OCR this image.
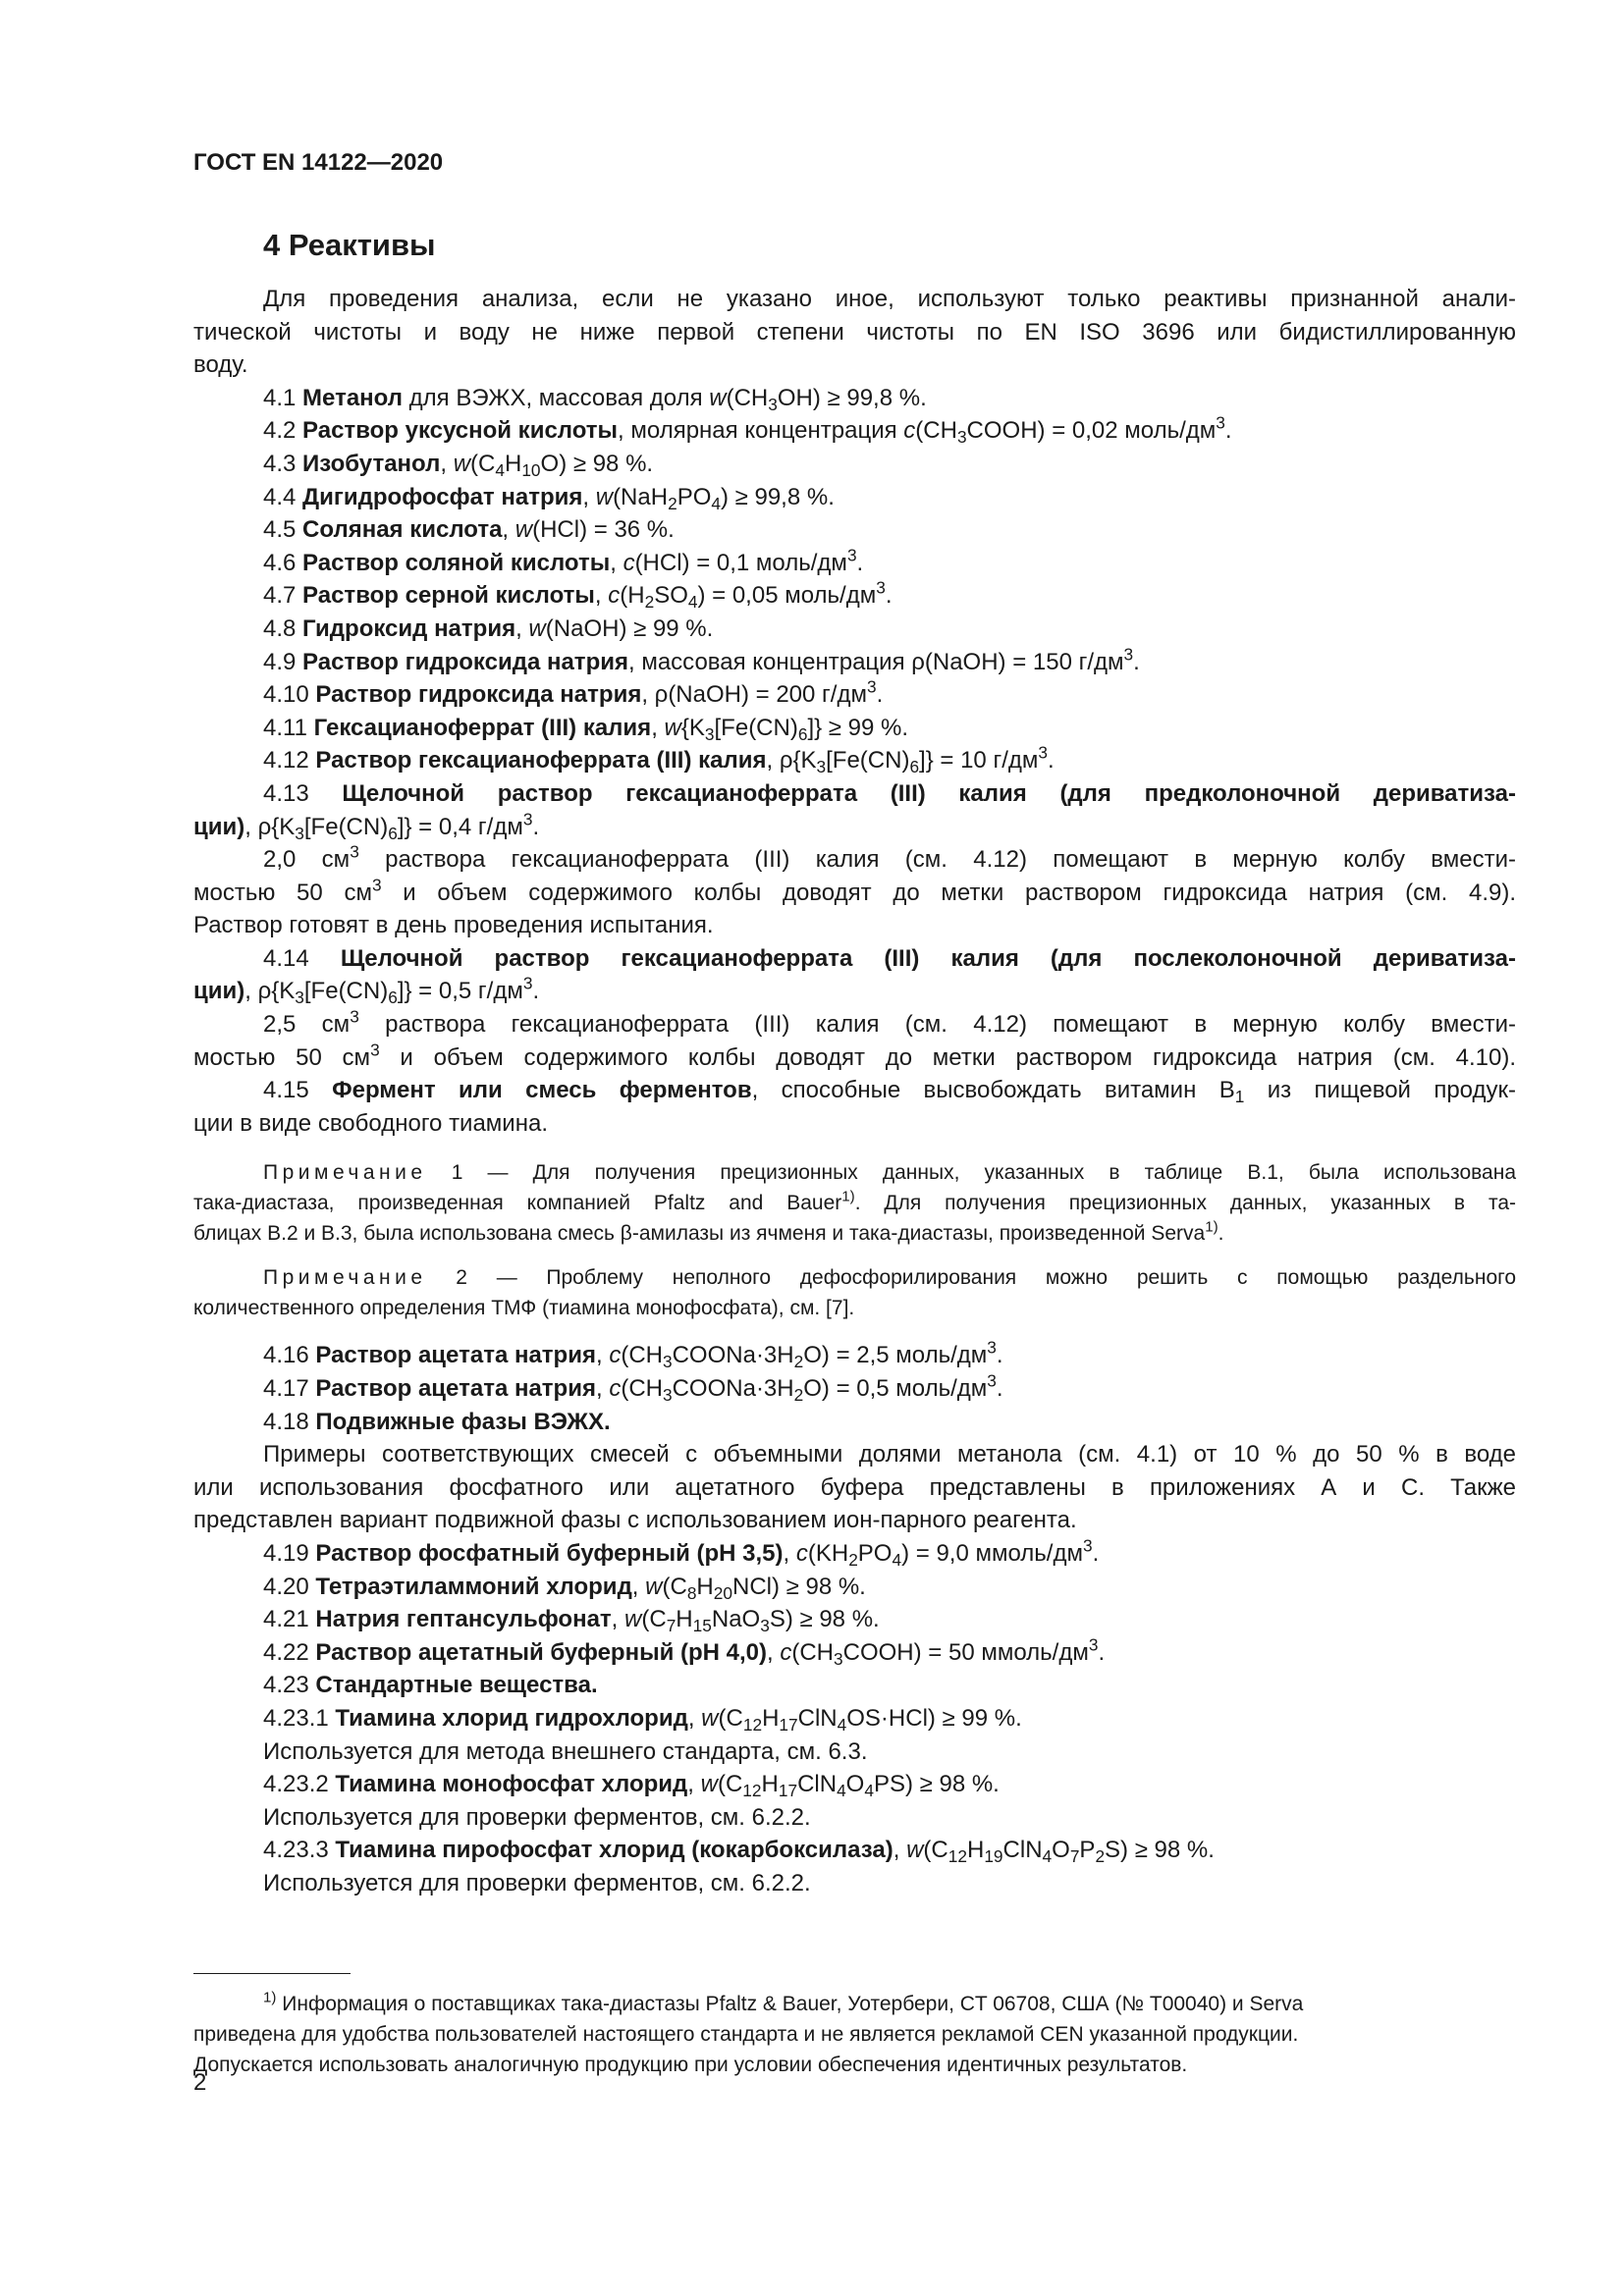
ГОСТ EN 14122—2020
4 Реактивы

Для проведения анализа, если не указано иное, используют только реактивы признанной анали-

тической чистоты и воду не ниже первой степени чистоты по EN ISO 3696 или бидистиллированную

воду.

4.1 Метанол для ВЭЖХ, массовая доля $w(CH_3OH) \ge 99,8$ %.

4.2 Раствор уксусной кислоты, молярная концентрация $c(CH_3COOH) = 0,02$ моль/$дм^3$.

4.3 Изобутанол, $w(C_4H_{10}O) \ge 98$ %.

4.4 Дигидрофосфат натрия, $w(NaH_2PO_4) \ge 99,8$ %.

4.5 Соляная кислота, w(HCl) = 36 %.

4.6 Раствор соляной кислоты, c(HCl) = 0,1 моль/$дм^3$.

4.7 Раствор серной кислоты, $c(H_2SO_4) = 0,05$ моль/$дм^3$.

4.8 Гидроксид натрия, w(NaOH) ≥ 99 %.

4.9 Раствор гидроксида натрия, массовая концентрация ρ(NaOH) = 150 $г/дм^3$.

4.10 Раствор гидроксида натрия, ρ(NaOH) = 200 $г/дм^3$.

4.11 Гексацианоферрат (III) калия, $w\{K_3[Fe(CN)_6]\} \ge 99$ %.

4.12 Раствор гексацианоферрата (III) калия, $\rho\{K_3[Fe(CN)_6]\} = 10$ $г/дм^3$.

4.13 Щелочной раствор гексацианоферрата (III) калия (для предколоночной дериватиза-

ции), $\rho\{K_3[Fe(CN)_6]\} = 0,4$ $г/дм^3$.

2,0 $см^3$ раствора гексацианоферрата (III) калия (см. 4.12) помещают в мерную колбу вмести-

мостью 50 $см^3$ и объем содержимого колбы доводят до метки раствором гидроксида натрия (см. 4.9).

Раствор готовят в день проведения испытания.

4.14 Щелочной раствор гексацианоферрата (III) калия (для послеколоночной дериватиза-

ции), $\rho\{K_3[Fe(CN)_6]\} = 0,5$ $г/дм^3$.

2,5 $см^3$ раствора гексацианоферрата (III) калия (см. 4.12) помещают в мерную колбу вмести-

мостью 50 $см^3$ и объем содержимого колбы доводят до метки раствором гидроксида натрия (см. 4.10).

4.15 Фермент или смесь ферментов, способные высвобождать витамин $B_1$ из пищевой продук-

ции в виде свободного тиамина.

Примечание 1 — Для получения прецизионных данных, указанных в таблице В.1, была использована

така-диастаза, произведенная компанией Pfaltz and Bauer$^{1)}$. Для получения прецизионных данных, указанных в та-

блицах В.2 и В.3, была использована смесь β-амилазы из ячменя и така-диастазы, произведенной Serva$^{1)}$.

Примечание 2 — Проблему неполного дефосфорилирования можно решить с помощью раздельного

количественного определения ТМФ (тиамина монофосфата), см. [7].

4.16 Раствор ацетата натрия, $c(CH_3COONa\cdot 3H_2O) = 2,5$ моль/$дм^3$.

4.17 Раствор ацетата натрия, $c(CH_3COONa\cdot 3H_2O) = 0,5$ моль/$дм^3$.

4.18 Подвижные фазы ВЭЖХ.

Примеры соответствующих смесей с объемными долями метанола (см. 4.1) от 10 % до 50 % в воде

или использования фосфатного или ацетатного буфера представлены в приложениях А и С. Также

представлен вариант подвижной фазы с использованием ион-парного реагента.

4.19 Раствор фосфатный буферный (pH 3,5), $c(KH_2PO_4) = 9,0$ ммоль/$дм^3$.

4.20 Тетраэтиламмоний хлорид, $w(C_8H_{20}NCl) \ge 98$ %.

4.21 Натрия гептансульфонат, $w(C_7H_{15}NaO_3S) \ge 98$ %.

4.22 Раствор ацетатный буферный (pH 4,0), $c(CH_3COOH) = 50$ ммоль/$дм^3$.

4.23 Стандартные вещества.

4.23.1 Тиамина хлорид гидрохлорид, $w(C_{12}H_{17}ClN_4OS\cdot HCl) \ge 99$ %.

Используется для метода внешнего стандарта, см. 6.3.

4.23.2 Тиамина монофосфат хлорид, $w(C_{12}H_{17}ClN_4O_4PS) \ge 98$ %.

Используется для проверки ферментов, см. 6.2.2.

4.23.3 Тиамина пирофосфат хлорид (кокарбоксилаза), $w(C_{12}H_{19}ClN_4O_7P_2S) \ge 98$ %.

Используется для проверки ферментов, см. 6.2.2.

$^{1)}$ Информация о поставщиках така-диастазы Pfaltz & Bauer, Уотербери, CT 06708, США (№ T00040) и Serva

приведена для удобства пользователей настоящего стандарта и не является рекламой CEN указанной продукции.

Допускается использовать аналогичную продукцию при условии обеспечения идентичных результатов.

2
